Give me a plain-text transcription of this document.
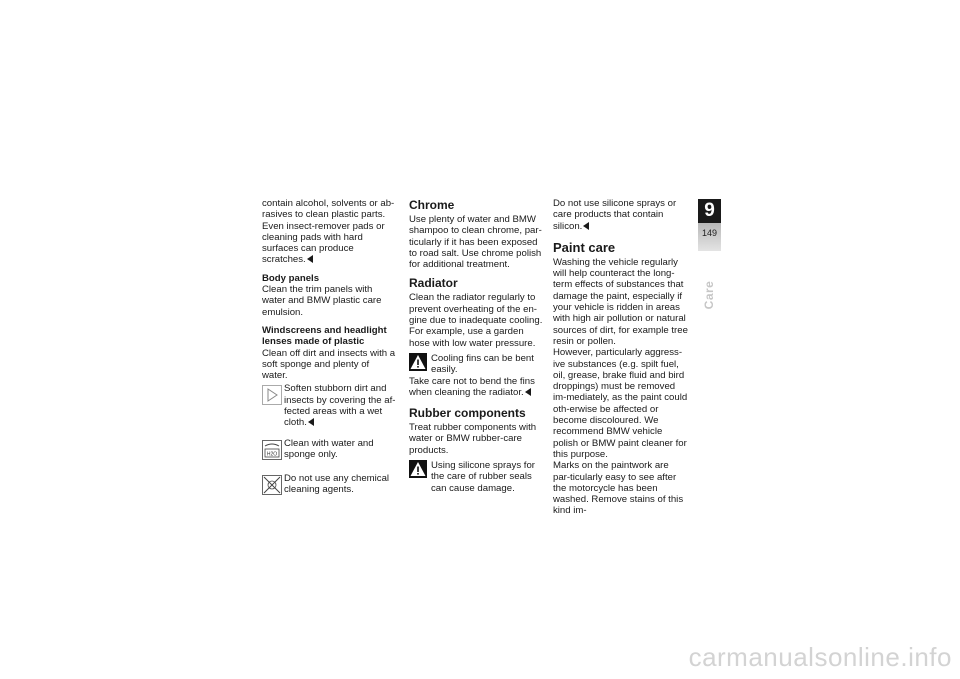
contain alcohol, solvents or ab-rasives to clean plastic parts.

Even insect-remover pads or cleaning pads with hard surfaces can produce scratches.

Body panels

Clean the trim panels with water and BMW plastic care emulsion.

Windscreens and headlight lenses made of plastic

Clean off dirt and insects with a soft sponge and plenty of water.

Soften stubborn dirt and insects by covering the af-fected areas with a wet cloth.

H2O

Clean with water and sponge only.

Do not use any chemical cleaning agents.

Chrome

Use plenty of water and BMW shampoo to clean chrome, par-ticularly if it has been exposed to road salt. Use chrome polish for additional treatment.

Radiator

Clean the radiator regularly to prevent overheating of the en-gine due to inadequate cooling. For example, use a garden hose with low water pressure.

Cooling fins can be bent easily.

Take care not to bend the fins when cleaning the radiator.

Rubber components

Treat rubber components with water or BMW rubber-care products.

Using silicone sprays for the care of rubber seals can cause damage.

Do not use silicone sprays or care products that contain silicon.

Paint care

Washing the vehicle regularly will help counteract the long-term effects of substances that damage the paint, especially if your vehicle is ridden in areas with high air pollution or natural sources of dirt, for example tree resin or pollen.

However, particularly aggress-ive substances (e.g. spilt fuel, oil, grease, brake fluid and bird droppings) must be removed im-mediately, as the paint could oth-erwise be affected or become discoloured. We recommend BMW vehicle polish or BMW paint cleaner for this purpose.

Marks on the paintwork are par-ticularly easy to see after the motorcycle has been washed. Remove stains of this kind im-

9
149
Care
carmanualsonline.info
